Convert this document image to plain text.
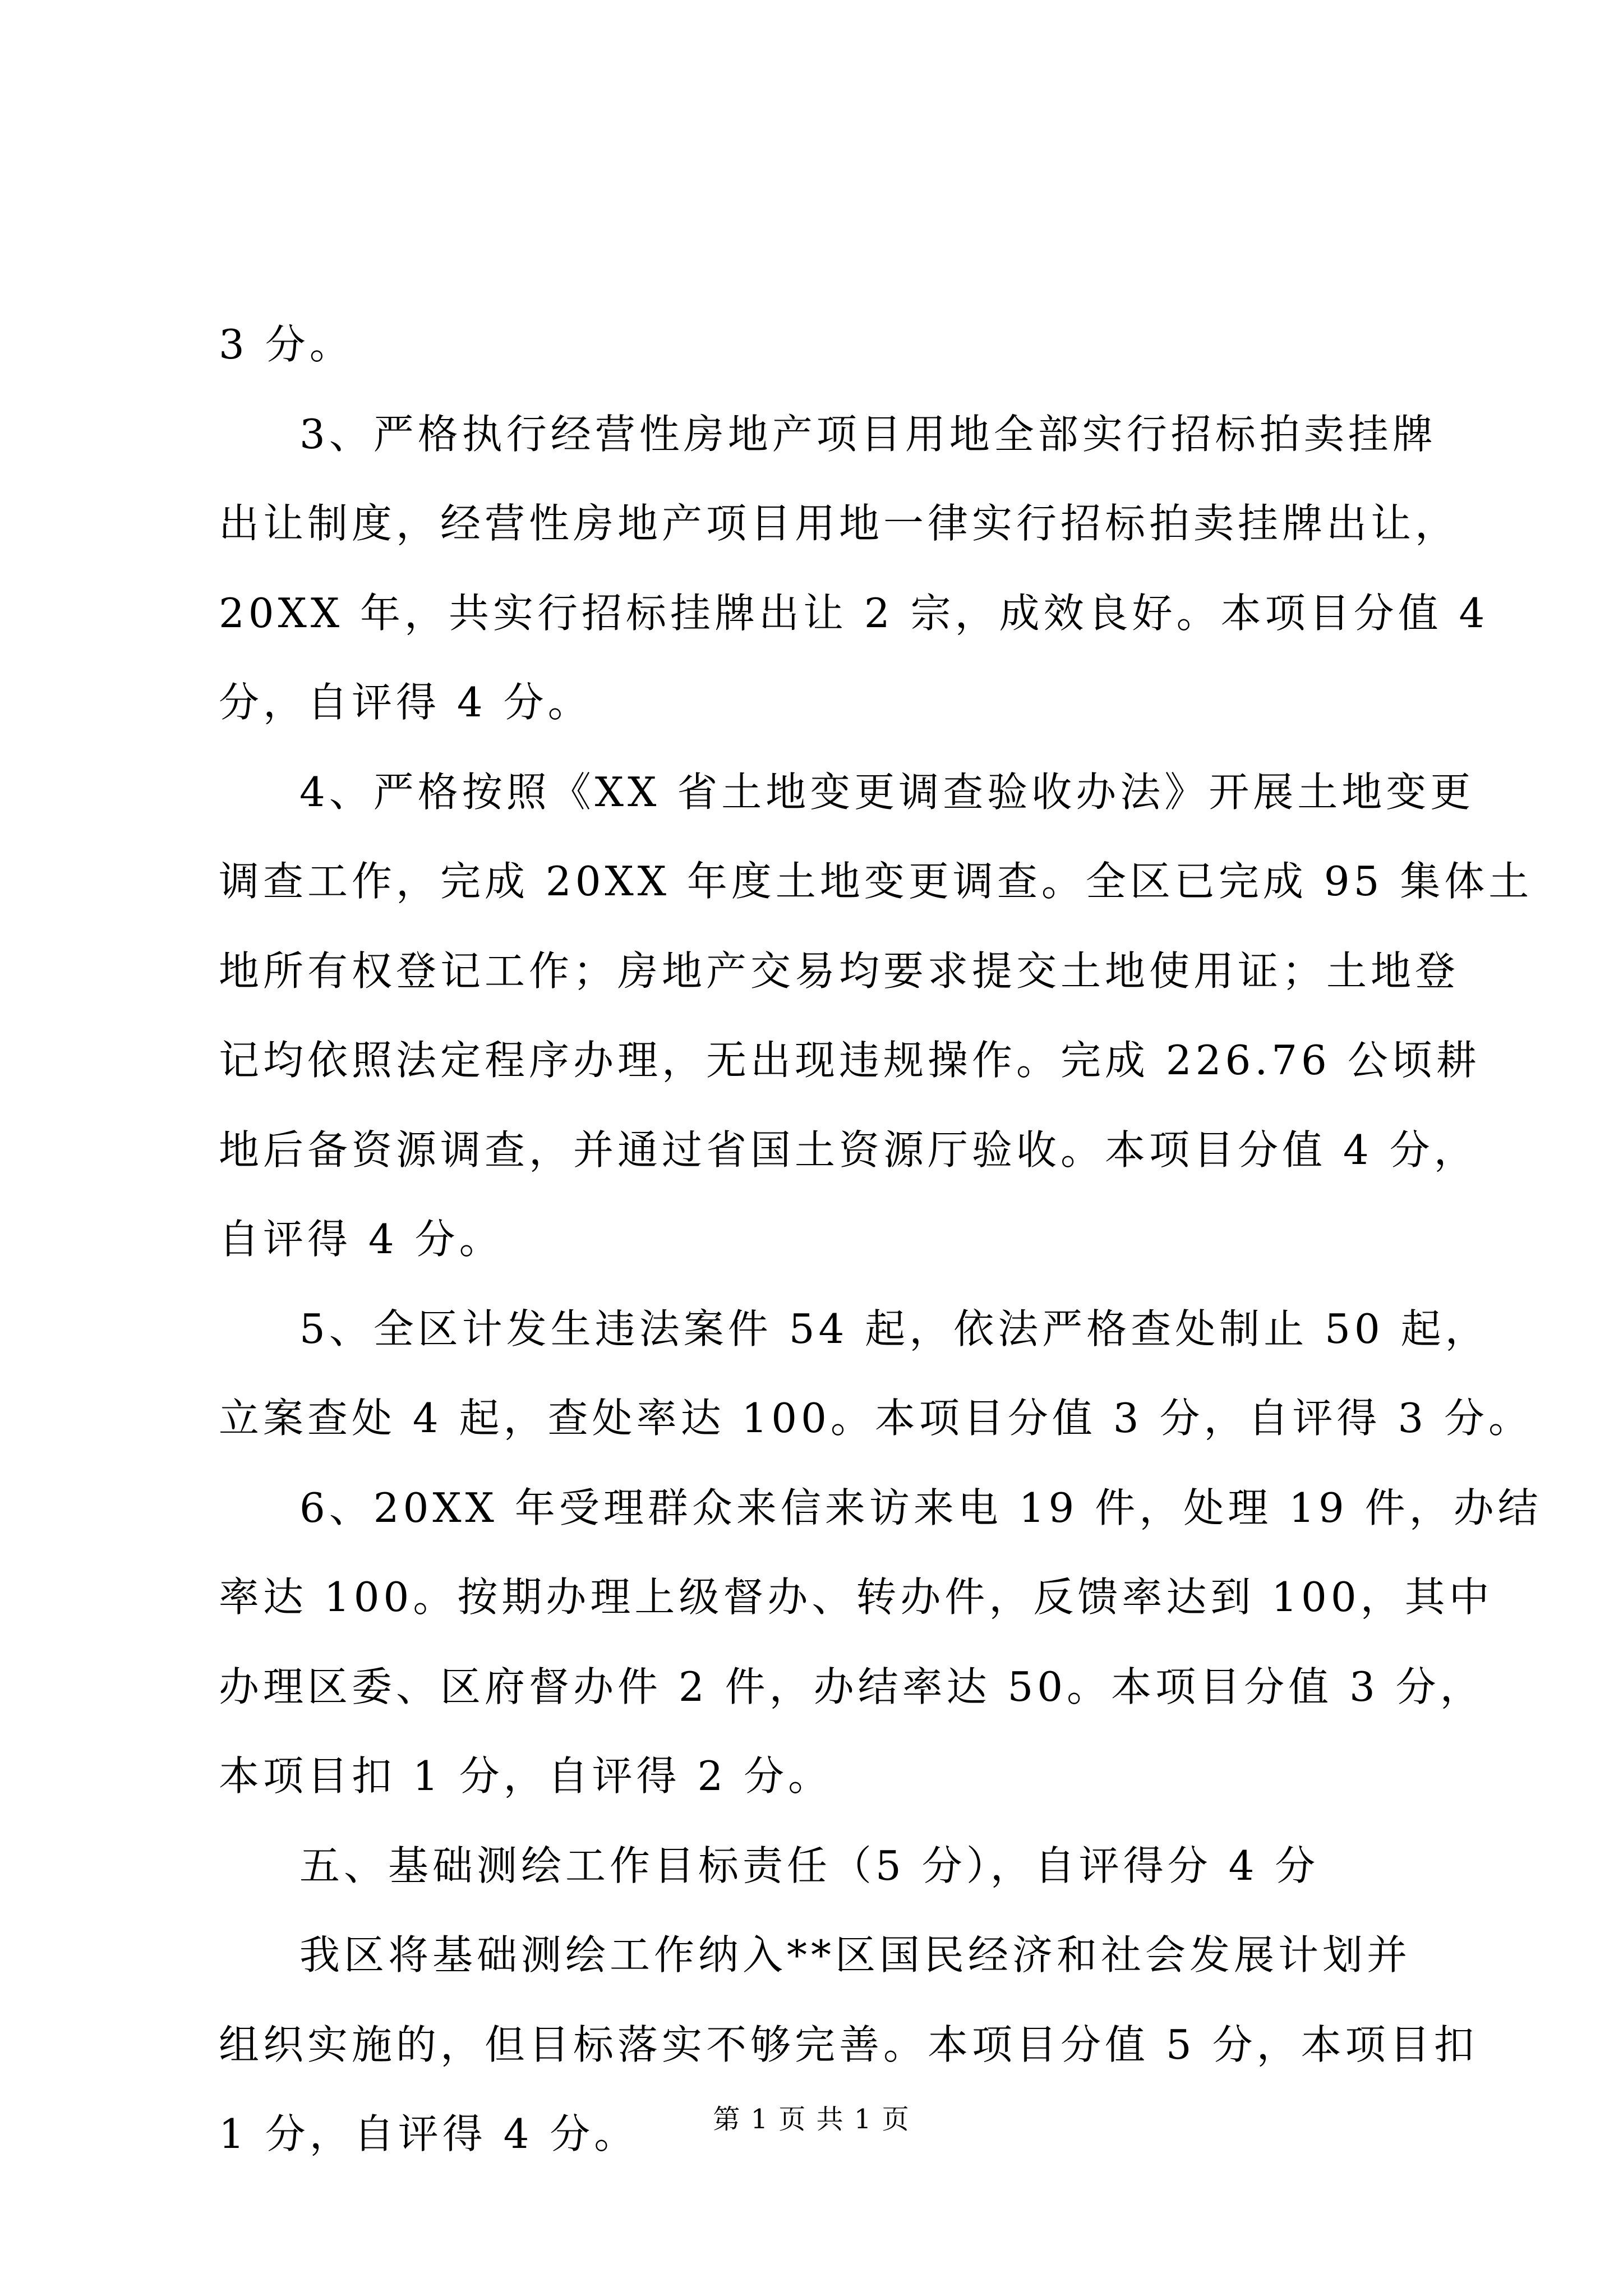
3 分。
3、严格执行经营性房地产项目用地全部实行招标拍卖挂牌
出让制度，经营性房地产项目用地一律实行招标拍卖挂牌出让，
20XX 年，共实行招标挂牌出让 2 宗，成效良好。本项目分值 4
分，自评得 4 分。
4、严格按照《XX 省土地变更调查验收办法》开展土地变更
调查工作，完成 20XX 年度土地变更调查。全区已完成 95 集体土
地所有权登记工作；房地产交易均要求提交土地使用证；土地登
记均依照法定程序办理，无出现违规操作。完成 226.76 公顷耕
地后备资源调查，并通过省国土资源厅验收。本项目分值 4 分，
自评得 4 分。
5、全区计发生违法案件 54 起，依法严格查处制止 50 起，
立案查处 4 起，查处率达 100。本项目分值 3 分，自评得 3 分。
6、20XX 年受理群众来信来访来电 19 件，处理 19 件，办结
率达 100。按期办理上级督办、转办件，反馈率达到 100，其中
办理区委、区府督办件 2 件，办结率达 50。本项目分值 3 分，
本项目扣 1 分，自评得 2 分。
五、基础测绘工作目标责任（5 分），自评得分 4 分
我区将基础测绘工作纳入**区国民经济和社会发展计划并
组织实施的，但目标落实不够完善。本项目分值 5 分，本项目扣
1 分，自评得 4 分。	第 1 页 共 1 页
